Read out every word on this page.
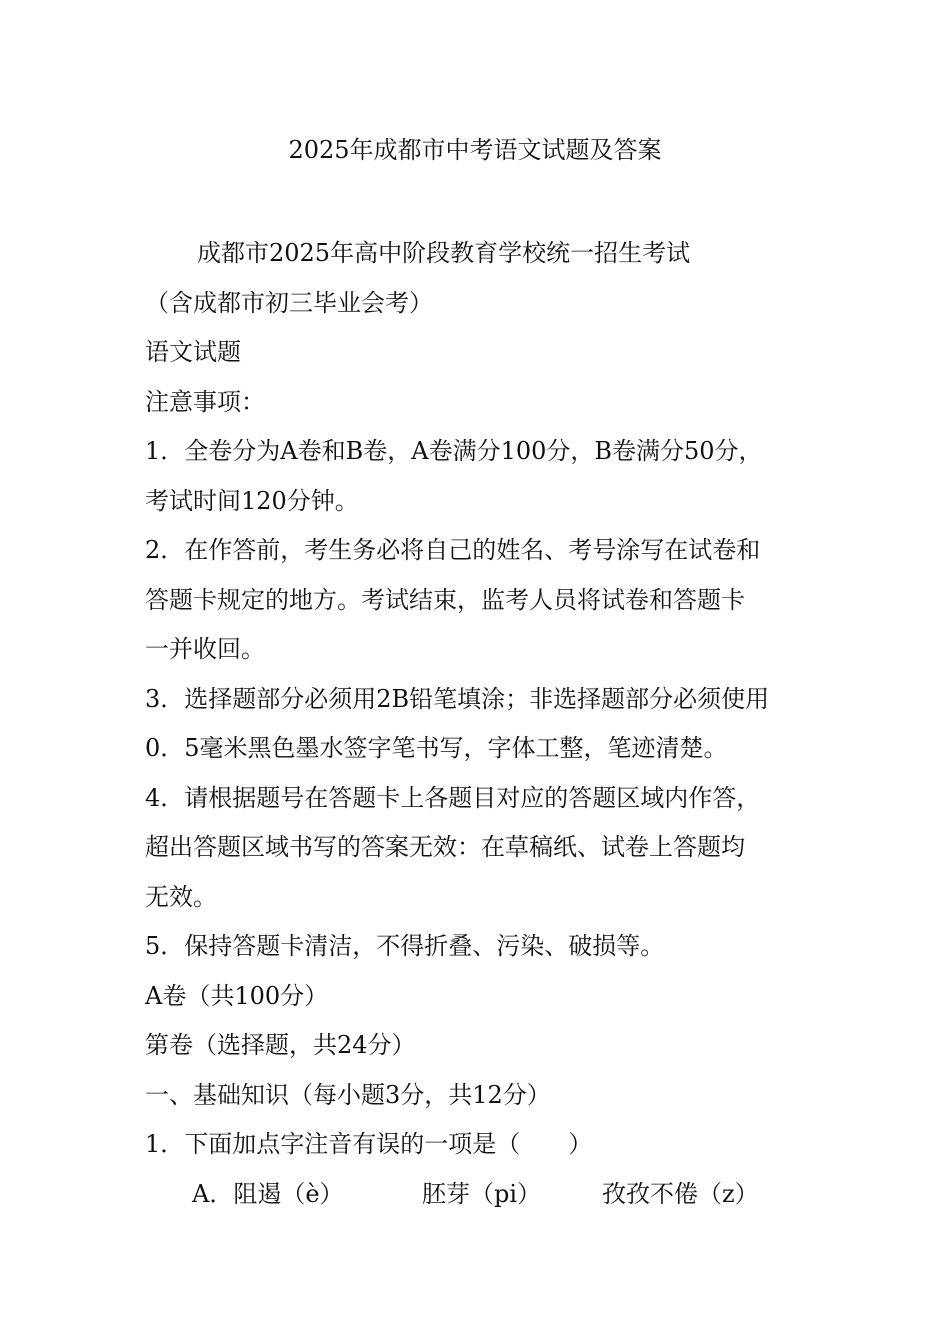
2025年成都市中考语文试题及答案
成都市2025年高中阶段教育学校统一招生考试
（含成都市初三毕业会考）
语文试题
注意事项：
1．全卷分为A卷和B卷，A卷满分100分，B卷满分50分，
考试时间120分钟。
2．在作答前，考生务必将自己的姓名、考号涂写在试卷和
答题卡规定的地方。考试结束，监考人员将试卷和答题卡
一并收回。
3．选择题部分必须用2B铅笔填涂；非选择题部分必须使用
0．5毫米黑色墨水签字笔书写，字体工整，笔迹清楚。
4．请根据题号在答题卡上各题目对应的答题区域内作答，
超出答题区域书写的答案无效：在草稿纸、试卷上答题均
无效。
5．保持答题卡清洁，不得折叠、污染、破损等。
A卷（共100分）
第卷（选择题，共24分）
一、基础知识（每小题3分，共12分）
1．下面加点字注音有误的一项是（　　）
A．阻遏（è）	胚芽（pi）	孜孜不倦（z）
